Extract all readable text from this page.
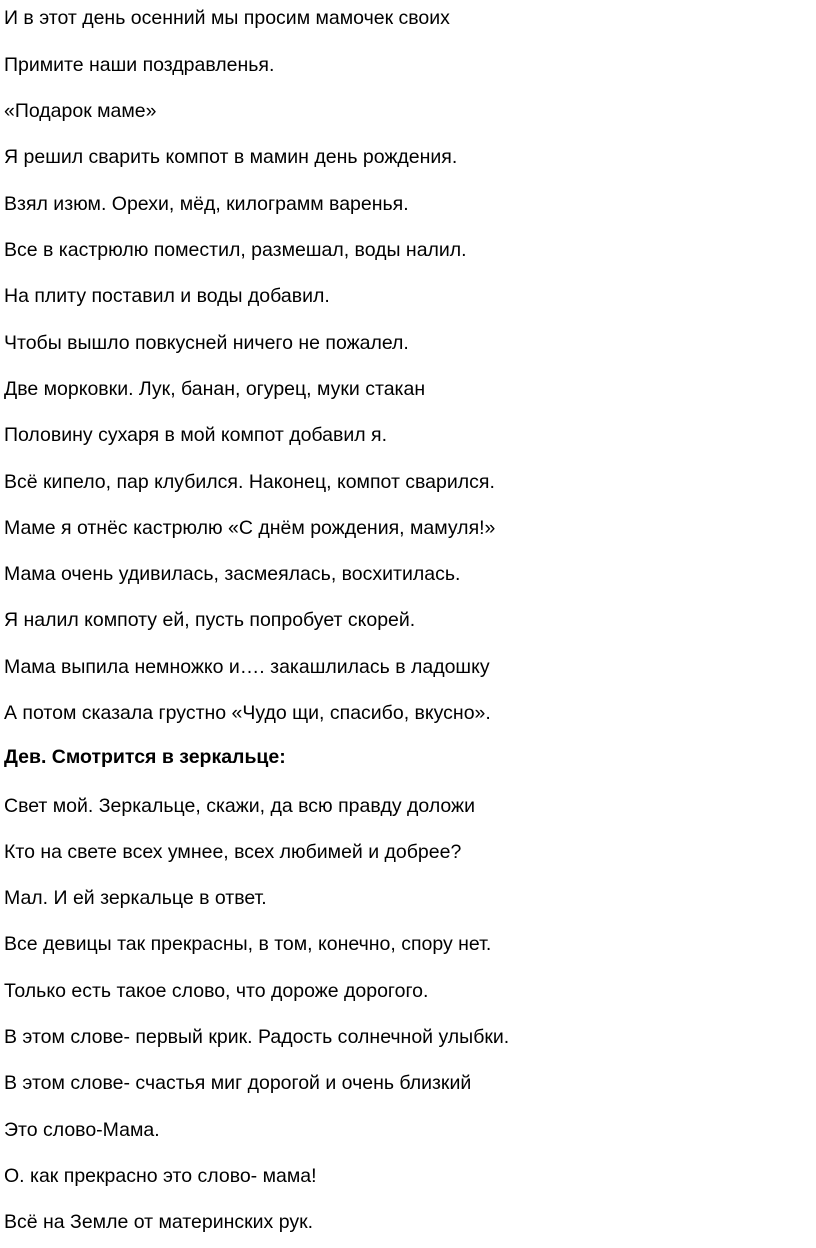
И в этот день осенний мы просим мамочек своих
Примите наши поздравленья.
«Подарок маме»
Я решил сварить компот в мамин день рождения.
Взял изюм. Орехи, мёд, килограмм варенья.
Все в кастрюлю поместил, размешал, воды налил.
На плиту поставил и воды добавил.
Чтобы вышло повкусней ничего не пожалел.
Две морковки. Лук, банан, огурец, муки стакан
Половину сухаря в мой компот добавил я.
Всё кипело, пар клубился. Наконец, компот сварился.
Маме я отнёс кастрюлю «С днём рождения, мамуля!»
Мама очень удивилась, засмеялась, восхитилась.
Я налил компоту ей, пусть попробует скорей.
Мама выпила немножко и…. закашлилась в ладошку
А потом сказала грустно «Чудо щи, спасибо, вкусно».
Дев. Смотрится в зеркальце:
Свет мой. Зеркальце, скажи, да всю правду доложи
Кто на свете всех умнее, всех любимей и добрее?
Мал. И ей зеркальце в ответ.
Все девицы так прекрасны, в том, конечно, спору нет.
Только есть такое слово, что дороже дорогого.
В этом слове- первый крик. Радость солнечной улыбки.
В этом слове- счастья миг дорогой и очень близкий
Это слово-Мама.
О. как прекрасно это слово- мама!
Всё на Земле от материнских рук.
